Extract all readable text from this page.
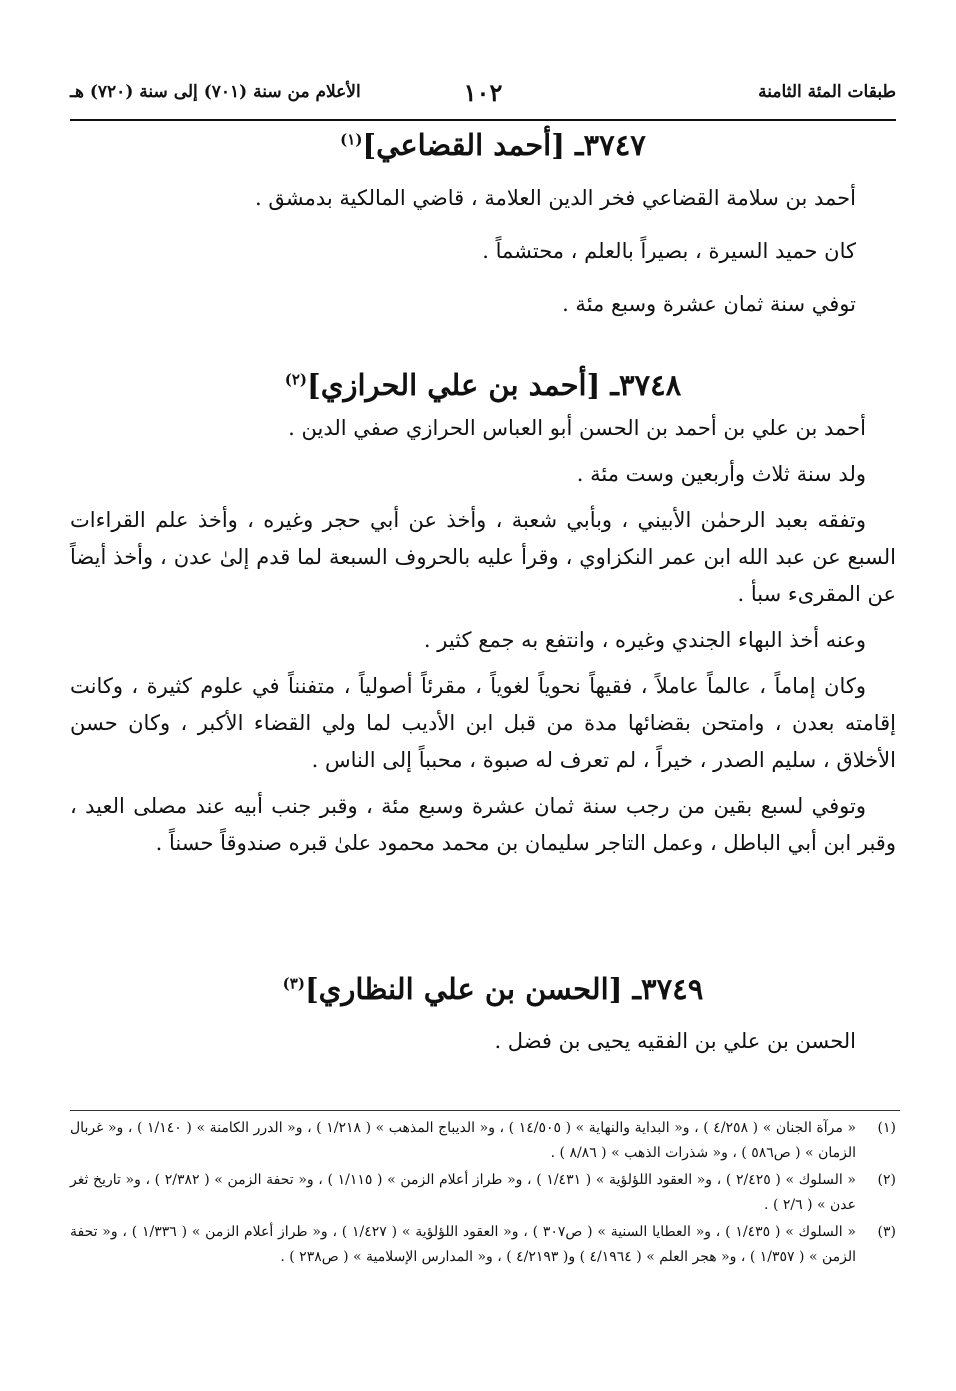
طبقات المئة الثامنة
١٠٢
الأعلام من سنة (٧٠١) إلى سنة (٧٢٠) هـ
٣٧٤٧ـ [أحمد القضاعي]$^{(١)}$

أحمد بن سلامة القضاعي فخر الدين العلامة ، قاضي المالكية بدمشق .

كان حميد السيرة ، بصيراً بالعلم ، محتشماً .

توفي سنة ثمان عشرة وسبع مئة .

٣٧٤٨ـ [أحمد بن علي الحرازي]$^{(٢)}$

أحمد بن علي بن أحمد بن الحسن أبو العباس الحرازي صفي الدين .

ولد سنة ثلاث وأربعين وست مئة .

وتفقه بعبد الرحمٰن الأبيني ، وبأبي شعبة ، وأخذ عن أبي حجر وغيره ، وأخذ علم القراءات السبع عن عبد الله ابن عمر النكزاوي ، وقرأ عليه بالحروف السبعة لما قدم إلىٰ عدن ، وأخذ أيضاً عن المقرىء سبأ .

وعنه أخذ البهاء الجندي وغيره ، وانتفع به جمع كثير .

وكان إماماً ، عالماً عاملاً ، فقيهاً نحوياً لغوياً ، مقرئاً أصولياً ، متفنناً في علوم كثيرة ، وكانت إقامته بعدن ، وامتحن بقضائها مدة من قبل ابن الأديب لما ولي القضاء الأكبر ، وكان حسن الأخلاق ، سليم الصدر ، خيراً ، لم تعرف له صبوة ، محبباً إلى الناس .

وتوفي لسبع بقين من رجب سنة ثمان عشرة وسبع مئة ، وقبر جنب أبيه عند مصلى العيد ، وقبر ابن أبي الباطل ، وعمل التاجر سليمان بن محمد محمود علىٰ قبره صندوقاً حسناً .

٣٧٤٩ـ [الحسن بن علي النظاري]$^{(٣)}$

الحسن بن علي بن الفقيه يحيى بن فضل .

(١)
« مرآة الجنان » ( ٤/٢٥٨ ) ، و« البداية والنهاية » ( ١٤/٥٠٥ ) ، و« الديباج المذهب » ( ١/٢١٨ ) ، و« الدرر الكامنة » ( ١/١٤٠ ) ، و« غربال الزمان » ( ص٥٨٦ ) ، و« شذرات الذهب » ( ٨/٨٦ ) .
(٢)
« السلوك » ( ٢/٤٢٥ ) ، و« العقود اللؤلؤية » ( ١/٤٣١ ) ، و« طراز أعلام الزمن » ( ١/١١٥ ) ، و« تحفة الزمن » ( ٢/٣٨٢ ) ، و« تاريخ ثغر عدن » ( ٢/٦ ) .
(٣)
« السلوك » ( ١/٤٣٥ ) ، و« العطايا السنية » ( ص٣٠٧ ) ، و« العقود اللؤلؤية » ( ١/٤٢٧ ) ، و« طراز أعلام الزمن » ( ١/٣٣٦ ) ، و« تحفة الزمن » ( ١/٣٥٧ ) ، و« هجر العلم » ( ٤/١٩٦٤ ) و( ٤/٢١٩٣ ) ، و« المدارس الإسلامية » ( ص٢٣٨ ) .
